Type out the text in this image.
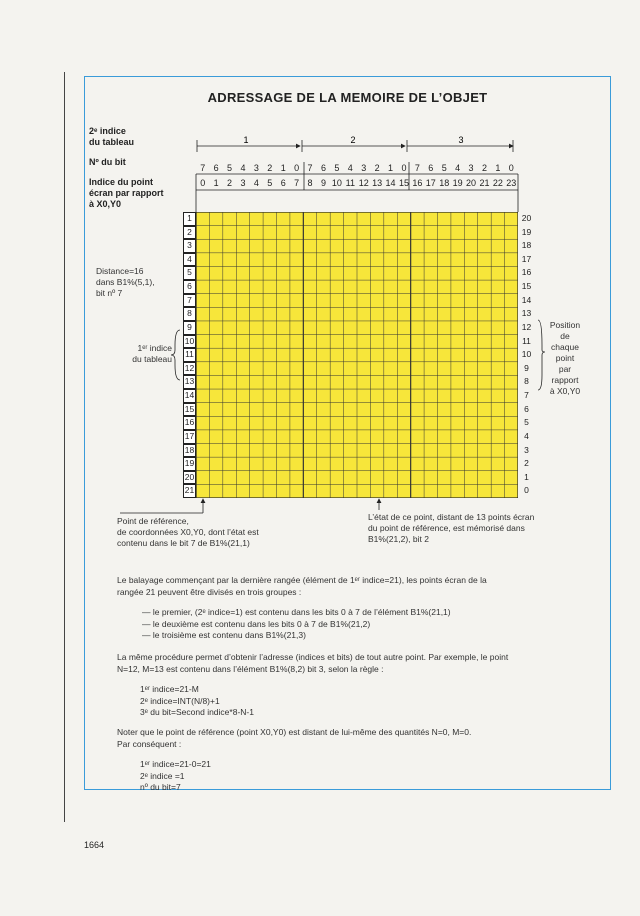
ADRESSAGE DE LA MEMOIRE DE L’OBJET
2ᵉ indice
du tableau
Nº du bit
Indice du point
écran par rapport
à X0,Y0
1	2	3
7 6 5 4 3 2 1 0 7 6 5 4 3 2 1 0 7 6 5 4 3 2 1 0
0 1 2 3 4 5 6 7 8 9 10 11 12 13 14 15 16 17 18 19 20 21 22 23
1
2
3
4
5
6
7
8
9
10
11
12
13
14
15
16
17
18
19
20
21
20
19
18
17
16
15
14
13
12
11
10
9
8
7
6
5
4
3
2
1
0
Distance=16
dans B1%(5,1),
bit nº 7
1ᵉʳ indice
du tableau
Position
de
chaque
point
par
rapport
à X0,Y0
Point de référence,
de coordonnées X0,Y0, dont l’état est
contenu dans le bit 7 de B1%(21,1)
L’état de ce point, distant de 13 points écran
du point de référence, est mémorisé dans
B1%(21,2), bit 2
Le balayage commençant par la dernière rangée (élément de 1ᵉʳ indice=21), les points écran de la
rangée 21 peuvent être divisés en trois groupes :
— le premier, (2ᵉ indice=1) est contenu dans les bits 0 à 7 de l’élément B1%(21,1)
— le deuxième est contenu dans les bits 0 à 7 de B1%(21,2)
— le troisième est contenu dans B1%(21,3)
La même procédure permet d’obtenir l’adresse (indices et bits) de tout autre point. Par exemple, le point
N=12, M=13 est contenu dans l’élément B1%(8,2) bit 3, selon la règle :
1ᵉʳ indice=21-M
2ᵉ indice=INT(N/8)+1
3ᵉ du bit=Second indice*8-N-1
Noter que le point de référence (point X0,Y0) est distant de lui-même des quantités N=0, M=0.
Par conséquent :
1ᵉʳ indice=21-0=21
2ᵉ indice =1
nº du bit=7
1664
